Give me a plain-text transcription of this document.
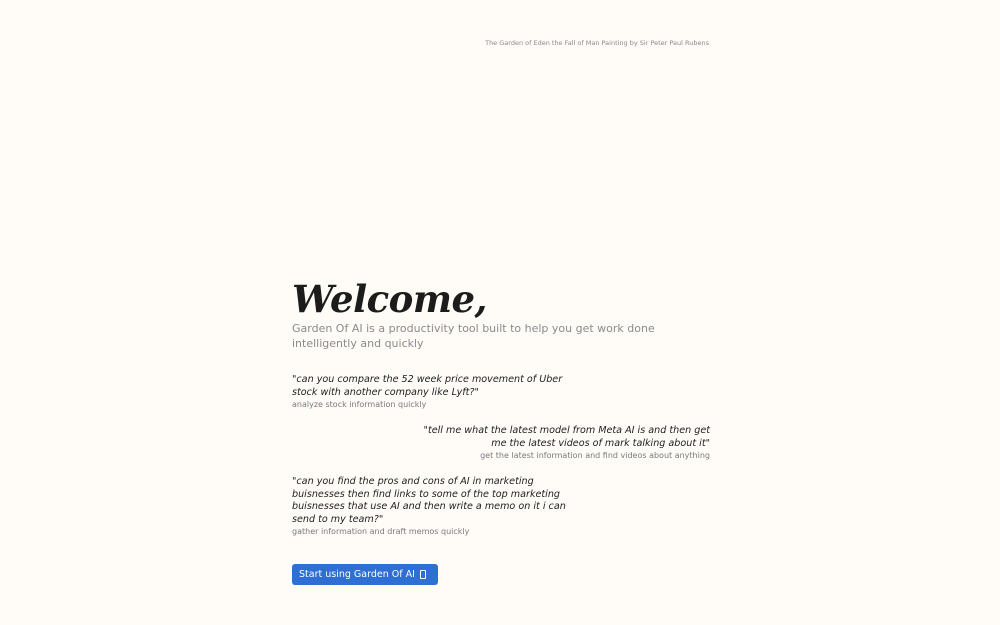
The Garden of Eden the Fall of Man Painting by Sir Peter Paul Rubens
Welcome,

Garden Of AI is a productivity tool built to help you get work done intelligently and quickly

"can you compare the 52 week price movement of Uber stock with another company like Lyft?"
analyze stock information quickly
"tell me what the latest model from Meta AI is and then get me the latest videos of mark talking about it"
get the latest information and find videos about anything
"can you find the pros and cons of AI in marketing buisnesses then find links to some of the top marketing buisnesses that use AI and then write a memo on it i can send to my team?"
gather information and draft memos quickly
Start using Garden Of AI
